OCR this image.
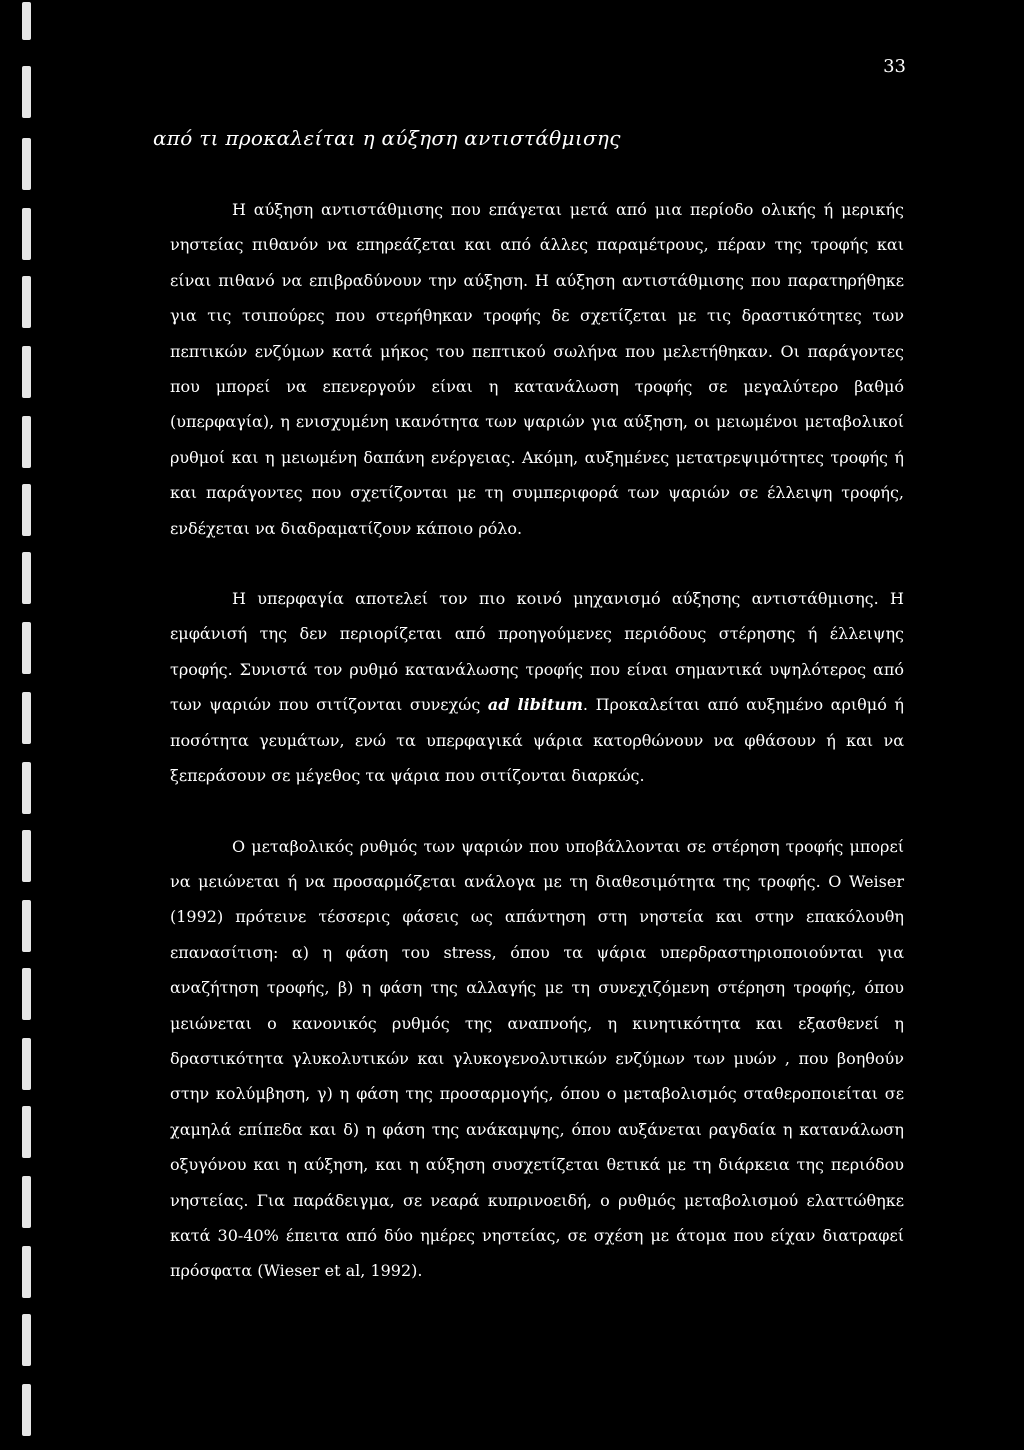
33
από τι προκαλείται η αύξηση αντιστάθμισης

Η αύξηση αντιστάθμισης που επάγεται μετά από μια περίοδο ολικής ή μερικής νηστείας πιθανόν να επηρεάζεται και από άλλες παραμέτρους, πέραν της τροφής και είναι πιθανό να επιβραδύνουν την αύξηση. Η αύξηση αντιστάθμισης που παρατηρήθηκε για τις τσιπούρες που στερήθηκαν τροφής δε σχετίζεται με τις δραστικότητες των πεπτικών ενζύμων κατά μήκος του πεπτικού σωλήνα που μελετήθηκαν. Οι παράγοντες που μπορεί να επενεργούν είναι η κατανάλωση τροφής σε μεγαλύτερο βαθμό (υπερφαγία), η ενισχυμένη ικανότητα των ψαριών για αύξηση, οι μειωμένοι μεταβολικοί ρυθμοί και η μειωμένη δαπάνη ενέργειας. Ακόμη, αυξημένες μετατρεψιμότητες τροφής ή και παράγοντες που σχετίζονται με τη συμπεριφορά των ψαριών σε έλλειψη τροφής, ενδέχεται να διαδραματίζουν κάποιο ρόλο.

Η υπερφαγία αποτελεί τον πιο κοινό μηχανισμό αύξησης αντιστάθμισης. Η εμφάνισή της δεν περιορίζεται από προηγούμενες περιόδους στέρησης ή έλλειψης τροφής. Συνιστά τον ρυθμό κατανάλωσης τροφής που είναι σημαντικά υψηλότερος από των ψαριών που σιτίζονται συνεχώς ad libitum. Προκαλείται από αυξημένο αριθμό ή ποσότητα γευμάτων, ενώ τα υπερφαγικά ψάρια κατορθώνουν να φθάσουν ή και να ξεπεράσουν σε μέγεθος τα ψάρια που σιτίζονται διαρκώς.

Ο μεταβολικός ρυθμός των ψαριών που υποβάλλονται σε στέρηση τροφής μπορεί να μειώνεται ή να προσαρμόζεται ανάλογα με τη διαθεσιμότητα της τροφής. Ο Weiser (1992) πρότεινε τέσσερις φάσεις ως απάντηση στη νηστεία και στην επακόλουθη επανασίτιση: α) η φάση του stress, όπου τα ψάρια υπερδραστηριοποιούνται για αναζήτηση τροφής, β) η φάση της αλλαγής με τη συνεχιζόμενη στέρηση τροφής, όπου μειώνεται ο κανονικός ρυθμός της αναπνοής, η κινητικότητα και εξασθενεί η δραστικότητα γλυκολυτικών και γλυκογενολυτικών ενζύμων των μυών , που βοηθούν στην κολύμβηση, γ) η φάση της προσαρμογής, όπου ο μεταβολισμός σταθεροποιείται σε χαμηλά επίπεδα και δ) η φάση της ανάκαμψης, όπου αυξάνεται ραγδαία η κατανάλωση οξυγόνου και η αύξηση, και η αύξηση συσχετίζεται θετικά με τη διάρκεια της περιόδου νηστείας. Για παράδειγμα, σε νεαρά κυπρινοειδή, ο ρυθμός μεταβολισμού ελαττώθηκε κατά 30-40% έπειτα από δύο ημέρες νηστείας, σε σχέση με άτομα που είχαν διατραφεί πρόσφατα (Wieser et al, 1992).
